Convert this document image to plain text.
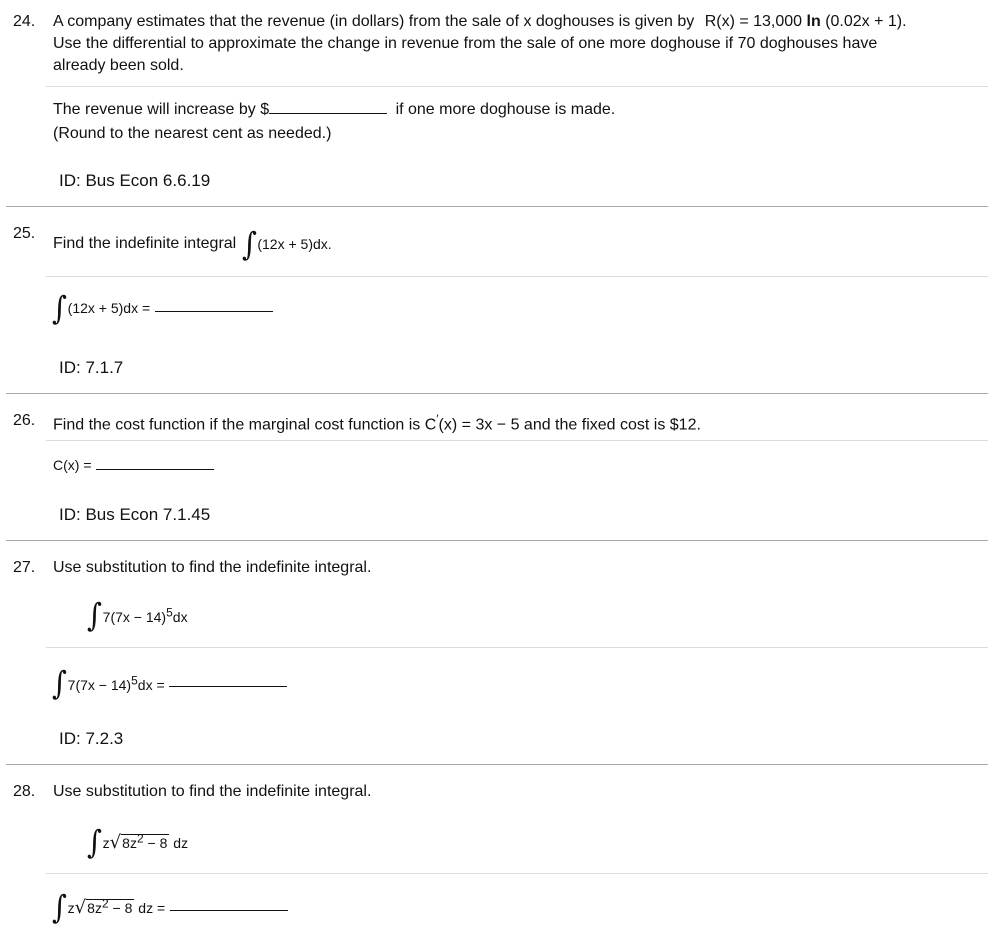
24. A company estimates that the revenue (in dollars) from the sale of x doghouses is given by R(x) = 13,000 ln (0.02x + 1).
Use the differential to approximate the change in revenue from the sale of one more doghouse if 70 doghouses have
already been sold.
The revenue will increase by $	if one more doghouse is made.
(Round to the nearest cent as needed.)
ID: Bus Econ 6.6.19
25.
Find the indefinite integral ∫(12x + 5)dx.
∫(12x + 5)dx =
ID: 7.1.7
26. Find the cost function if the marginal cost function is C′(x) = 3x − 5 and the fixed cost is $12.
C(x) =
ID: Bus Econ 7.1.45
27. Use substitution to find the indefinite integral.
$\int 7(7x - 14)^5dx$
$\int 7(7x - 14)^5dx$ =
ID: 7.2.3
28. Use substitution to find the indefinite integral.
$\int z√8z^2 - 8$ dz
$\int z√8z^2 - 8$ dz =
